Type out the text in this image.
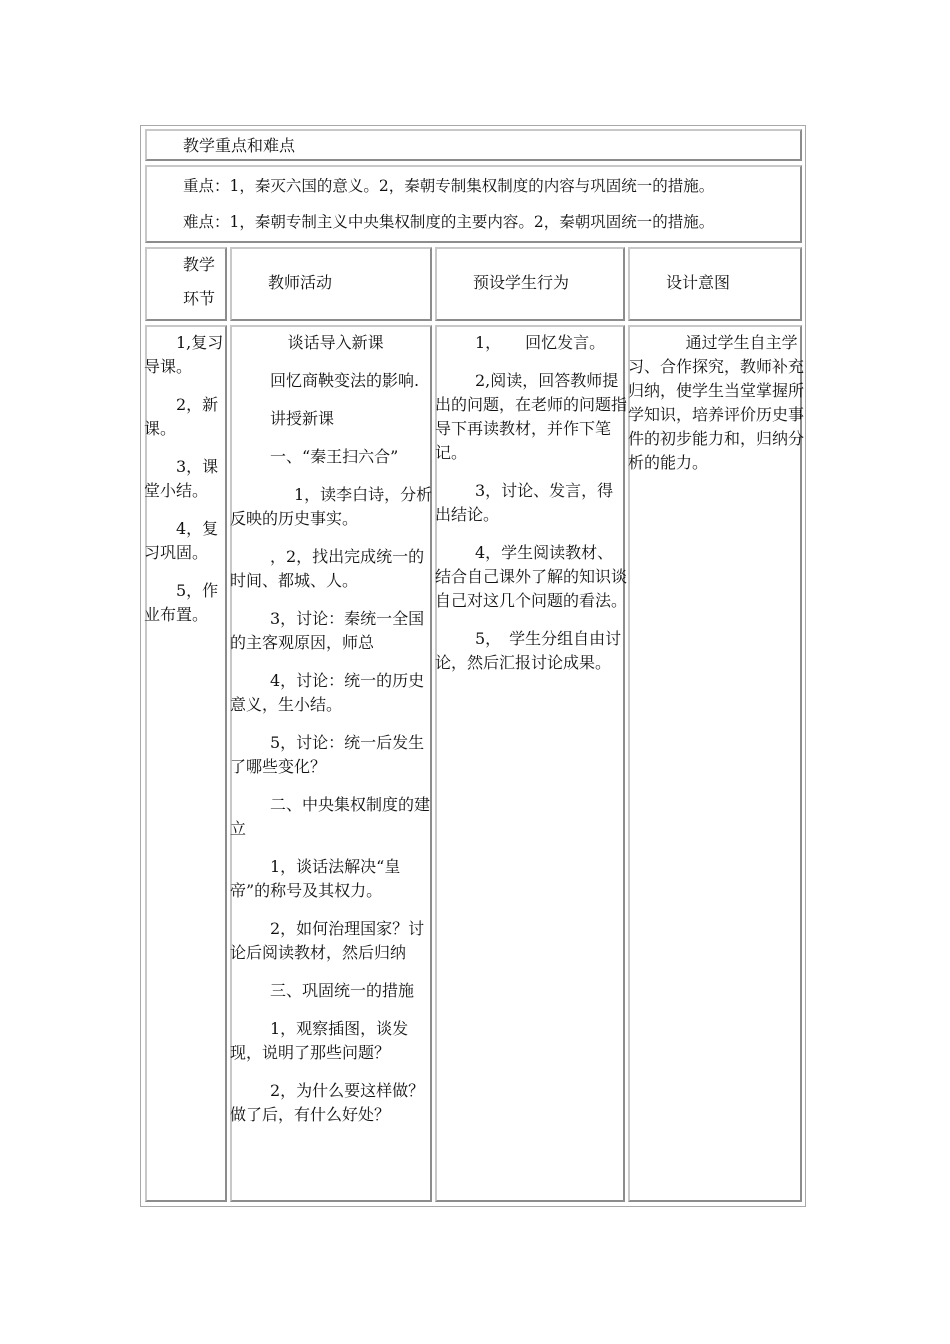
教学重点和难点
重点：1，秦灭六国的意义。2，秦朝专制集权制度的内容与巩固统一的措施。
难点：1，秦朝专制主义中央集权制度的主要内容。2，秦朝巩固统一的措施。
教学
环节
教师活动	预设学生行为	设计意图

1,复习导课。

2，新课。

3，课堂小结。

4，复习巩固。

5，作业布置。

谈话导入新课

回忆商鞅变法的影响.

讲授新课

一、“秦王扫六合”

1，读李白诗，分析反映的历史事实。

，2，找出完成统一的时间、都城、人。

3，讨论：秦统一全国的主客观原因，师总

4，讨论：统一的历史意义，生小结。

5，讨论：统一后发生了哪些变化？

二、中央集权制度的建立

1，谈话法解决“皇帝”的称号及其权力。

2，如何治理国家？讨论后阅读教材，然后归纳

三、巩固统一的措施

1，观察插图，谈发现，说明了那些问题？

2，为什么要这样做？做了后，有什么好处？

1，　　回忆发言。

2,阅读，回答教师提出的问题，在老师的问题指导下再读教材，并作下笔记。

3，讨论、发言，得出结论。

4，学生阅读教材、结合自己课外了解的知识谈自己对这几个问题的看法。

5，　学生分组自由讨论，然后汇报讨论成果。

通过学生自主学习、合作探究，教师补充归纳，使学生当堂掌握所学知识，培养评价历史事件的初步能力和，归纳分析的能力。
